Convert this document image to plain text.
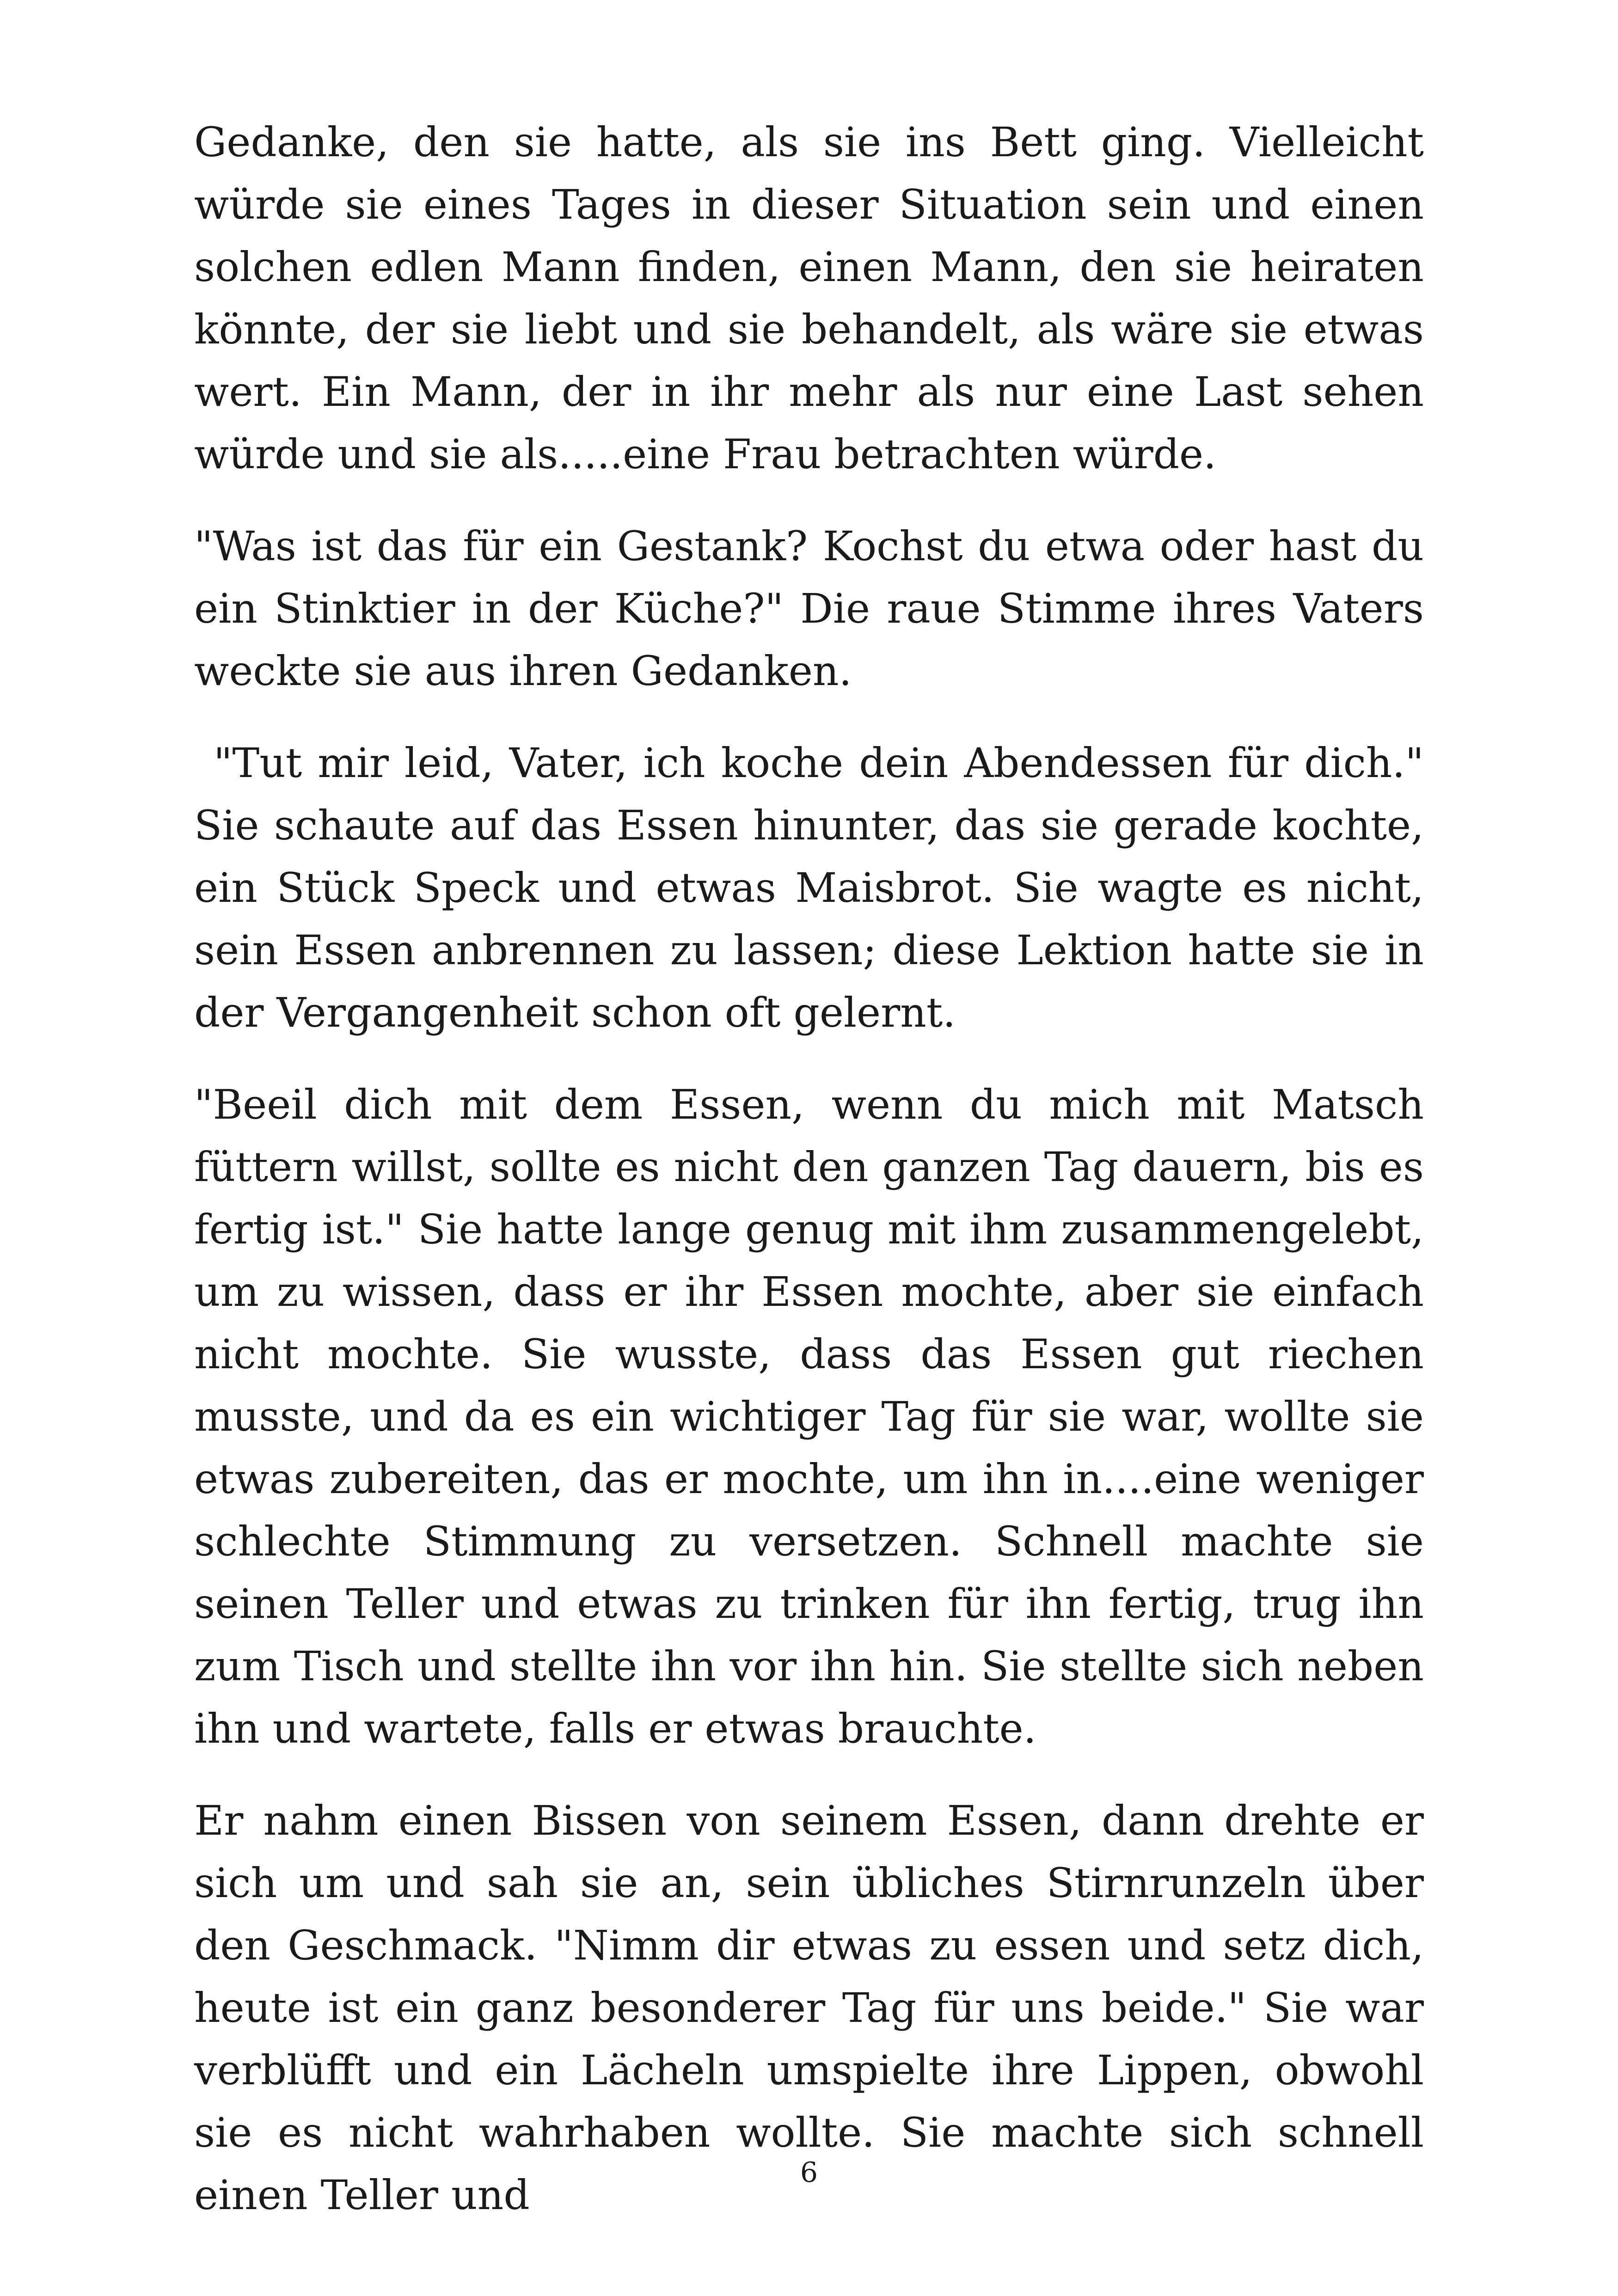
Gedanke, den sie hatte, als sie ins Bett ging. Vielleicht würde sie eines Tages in dieser Situation sein und einen solchen edlen Mann finden, einen Mann, den sie heiraten könnte, der sie liebt und sie behandelt, als wäre sie etwas wert. Ein Mann, der in ihr mehr als nur eine Last sehen würde und sie als.....eine Frau betrachten würde.

"Was ist das für ein Gestank? Kochst du etwa oder hast du ein Stinktier in der Küche?" Die raue Stimme ihres Vaters weckte sie aus ihren Gedanken.

"Tut mir leid, Vater, ich koche dein Abendessen für dich." Sie schaute auf das Essen hinunter, das sie gerade kochte, ein Stück Speck und etwas Maisbrot. Sie wagte es nicht, sein Essen anbrennen zu lassen; diese Lektion hatte sie in der Vergangenheit schon oft gelernt.

"Beeil dich mit dem Essen, wenn du mich mit Matsch füttern willst, sollte es nicht den ganzen Tag dauern, bis es fertig ist." Sie hatte lange genug mit ihm zusammengelebt, um zu wissen, dass er ihr Essen mochte, aber sie einfach nicht mochte. Sie wusste, dass das Essen gut riechen musste, und da es ein wichtiger Tag für sie war, wollte sie etwas zubereiten, das er mochte, um ihn in....eine weniger schlechte Stimmung zu versetzen. Schnell machte sie seinen Teller und etwas zu trinken für ihn fertig, trug ihn zum Tisch und stellte ihn vor ihn hin. Sie stellte sich neben ihn und wartete, falls er etwas brauchte.

Er nahm einen Bissen von seinem Essen, dann drehte er sich um und sah sie an, sein übliches Stirnrunzeln über den Geschmack. "Nimm dir etwas zu essen und setz dich, heute ist ein ganz besonderer Tag für uns beide." Sie war verblüfft und ein Lächeln umspielte ihre Lippen, obwohl sie es nicht wahrhaben wollte. Sie machte sich schnell einen Teller und	6
